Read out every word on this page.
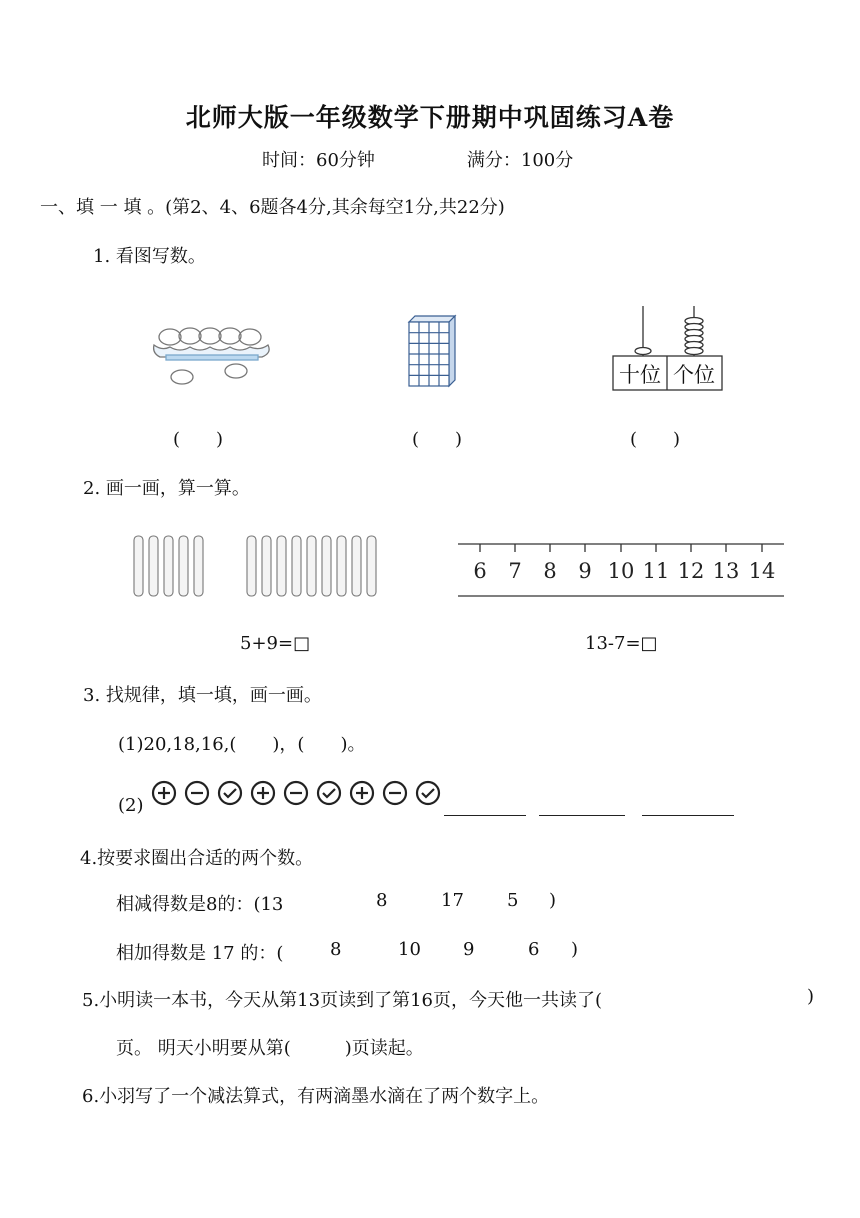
北师大版一年级数学下册期中巩固练习A卷
时间：60分钟	满分：100分
一、填 一 填 。(第2、4、6题各4分,其余每空1分,共22分)
1. 看图写数。
十位 个位
(　　)	(　　)	(　　)
2. 画一画，算一算。
6 7 8 9 10 11 12 13 14
5+9=□	13-7=□
3. 找规律，填一填，画一画。
(1)20,18,16,(　　)，(　　)。
(2)
4.按要求圈出合适的两个数。
相减得数是8的：(13	8	17 5 )
相加得数是 17 的：(	8	10 9	6 )
5.小明读一本书，今天从第13页读到了第16页，今天他一共读了(	)
页。 明天小明要从第(　　　)页读起。
6.小羽写了一个减法算式，有两滴墨水滴在了两个数字上。
